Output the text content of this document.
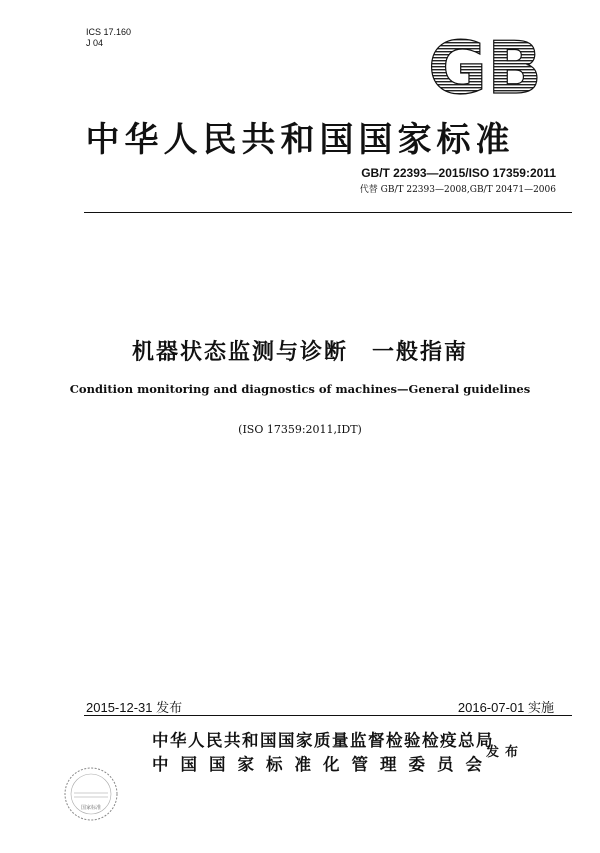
ICS 17.160
J 04	GB
中华人民共和国国家标准
GB/T 22393—2015/ISO 17359:2011
代替 GB/T 22393—2008,GB/T 20471—2006
机器状态监测与诊断　一般指南
Condition monitoring and diagnostics of machines—General guidelines
(ISO 17359:2011,IDT)
2015-12-31 发布	2016-07-01 实施
中华人民共和国国家质量监督检验检疫总局
中国国家标准化管理委员会
发布
国家标准
